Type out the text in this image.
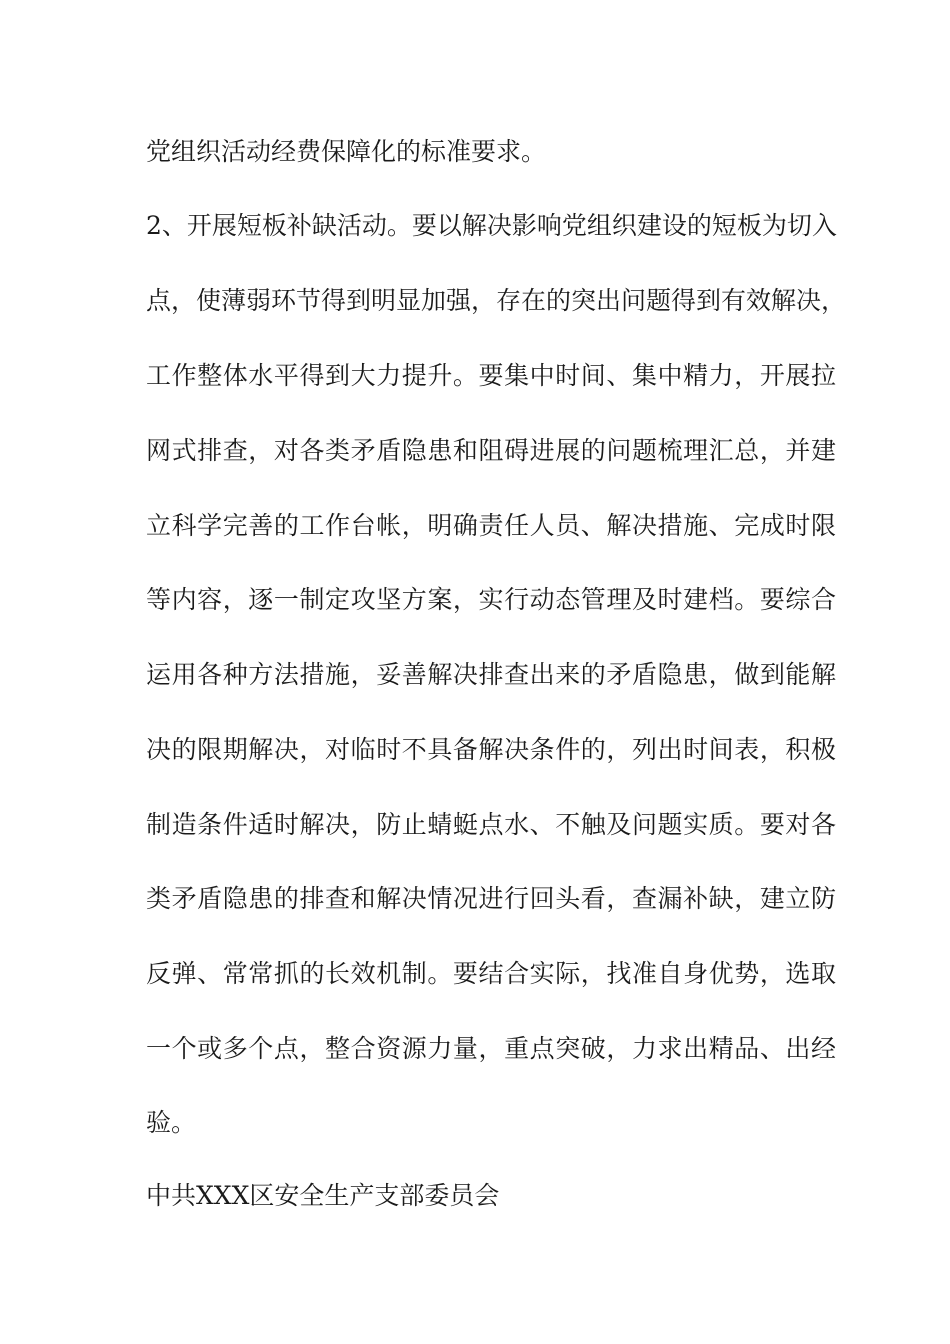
党组织活动经费保障化的标准要求。
2、开展短板补缺活动。要以解决影响党组织建设的短板为切入
点，使薄弱环节得到明显加强，存在的突出问题得到有效解决，
工作整体水平得到大力提升。要集中时间、集中精力，开展拉
网式排查，对各类矛盾隐患和阻碍进展的问题梳理汇总，并建
立科学完善的工作台帐，明确责任人员、解决措施、完成时限
等内容，逐一制定攻坚方案，实行动态管理及时建档。要综合
运用各种方法措施，妥善解决排查出来的矛盾隐患，做到能解
决的限期解决，对临时不具备解决条件的，列出时间表，积极
制造条件适时解决，防止蜻蜓点水、不触及问题实质。要对各
类矛盾隐患的排查和解决情况进行回头看，查漏补缺，建立防
反弹、常常抓的长效机制。要结合实际，找准自身优势，选取
一个或多个点，整合资源力量，重点突破，力求出精品、出经
验。
中共XXX区安全生产支部委员会
